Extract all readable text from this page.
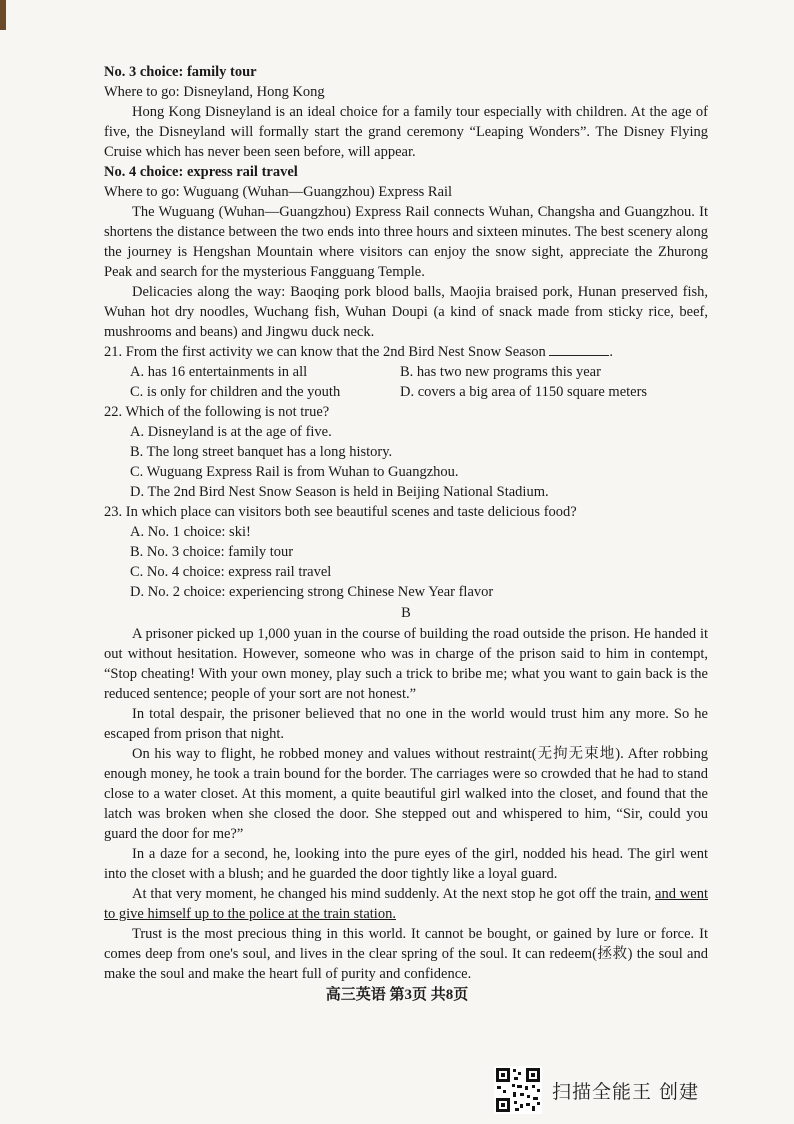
No. 3 choice: family tour
Where to go: Disneyland, Hong Kong
Hong Kong Disneyland is an ideal choice for a family tour especially with children. At the age of five, the Disneyland will formally start the grand ceremony “Leaping Wonders”. The Disney Flying Cruise which has never been seen before, will appear.
No. 4 choice: express rail travel
Where to go: Wuguang (Wuhan—Guangzhou) Express Rail
The Wuguang (Wuhan—Guangzhou) Express Rail connects Wuhan, Changsha and Guangzhou. It shortens the distance between the two ends into three hours and sixteen minutes. The best scenery along the journey is Hengshan Mountain where visitors can enjoy the snow sight, appreciate the Zhurong Peak and search for the mysterious Fangguang Temple.
Delicacies along the way: Baoqing pork blood balls, Maojia braised pork, Hunan preserved fish, Wuhan hot dry noodles, Wuchang fish, Wuhan Doupi (a kind of snack made from sticky rice, beef, mushrooms and beans) and Jingwu duck neck.
21. From the first activity we can know that the 2nd Bird Nest Snow Season	.
A. has 16 entertainments in all	B. has two new programs this year
C. is only for children and the youth	D. covers a big area of 1150 square meters
22. Which of the following is not true?
A. Disneyland is at the age of five.
B. The long street banquet has a long history.
C. Wuguang Express Rail is from Wuhan to Guangzhou.
D. The 2nd Bird Nest Snow Season is held in Beijing National Stadium.
23. In which place can visitors both see beautiful scenes and taste delicious food?
A. No. 1 choice: ski!
B. No. 3 choice: family tour
C. No. 4 choice: express rail travel
D. No. 2 choice: experiencing strong Chinese New Year flavor
B
A prisoner picked up 1,000 yuan in the course of building the road outside the prison. He handed it out without hesitation. However, someone who was in charge of the prison said to him in contempt, “Stop cheating! With your own money, play such a trick to bribe me; what you want to gain back is the reduced sentence; people of your sort are not honest.”
In total despair, the prisoner believed that no one in the world would trust him any more. So he escaped from prison that night.
On his way to flight, he robbed money and values without restraint(无拘无束地). After robbing enough money, he took a train bound for the border. The carriages were so crowded that he had to stand close to a water closet. At this moment, a quite beautiful girl walked into the closet, and found that the latch was broken when she closed the door. She stepped out and whispered to him, “Sir, could you guard the door for me?”
In a daze for a second, he, looking into the pure eyes of the girl, nodded his head. The girl went into the closet with a blush; and he guarded the door tightly like a loyal guard.
At that very moment, he changed his mind suddenly. At the next stop he got off the train, and went to give himself up to the police at the train station.
Trust is the most precious thing in this world. It cannot be bought, or gained by lure or force. It comes deep from one's soul, and lives in the clear spring of the soul. It can redeem(拯救) the soul and make the soul and make the heart full of purity and confidence.
高三英语 第3页 共8页
扫描全能王 创建
